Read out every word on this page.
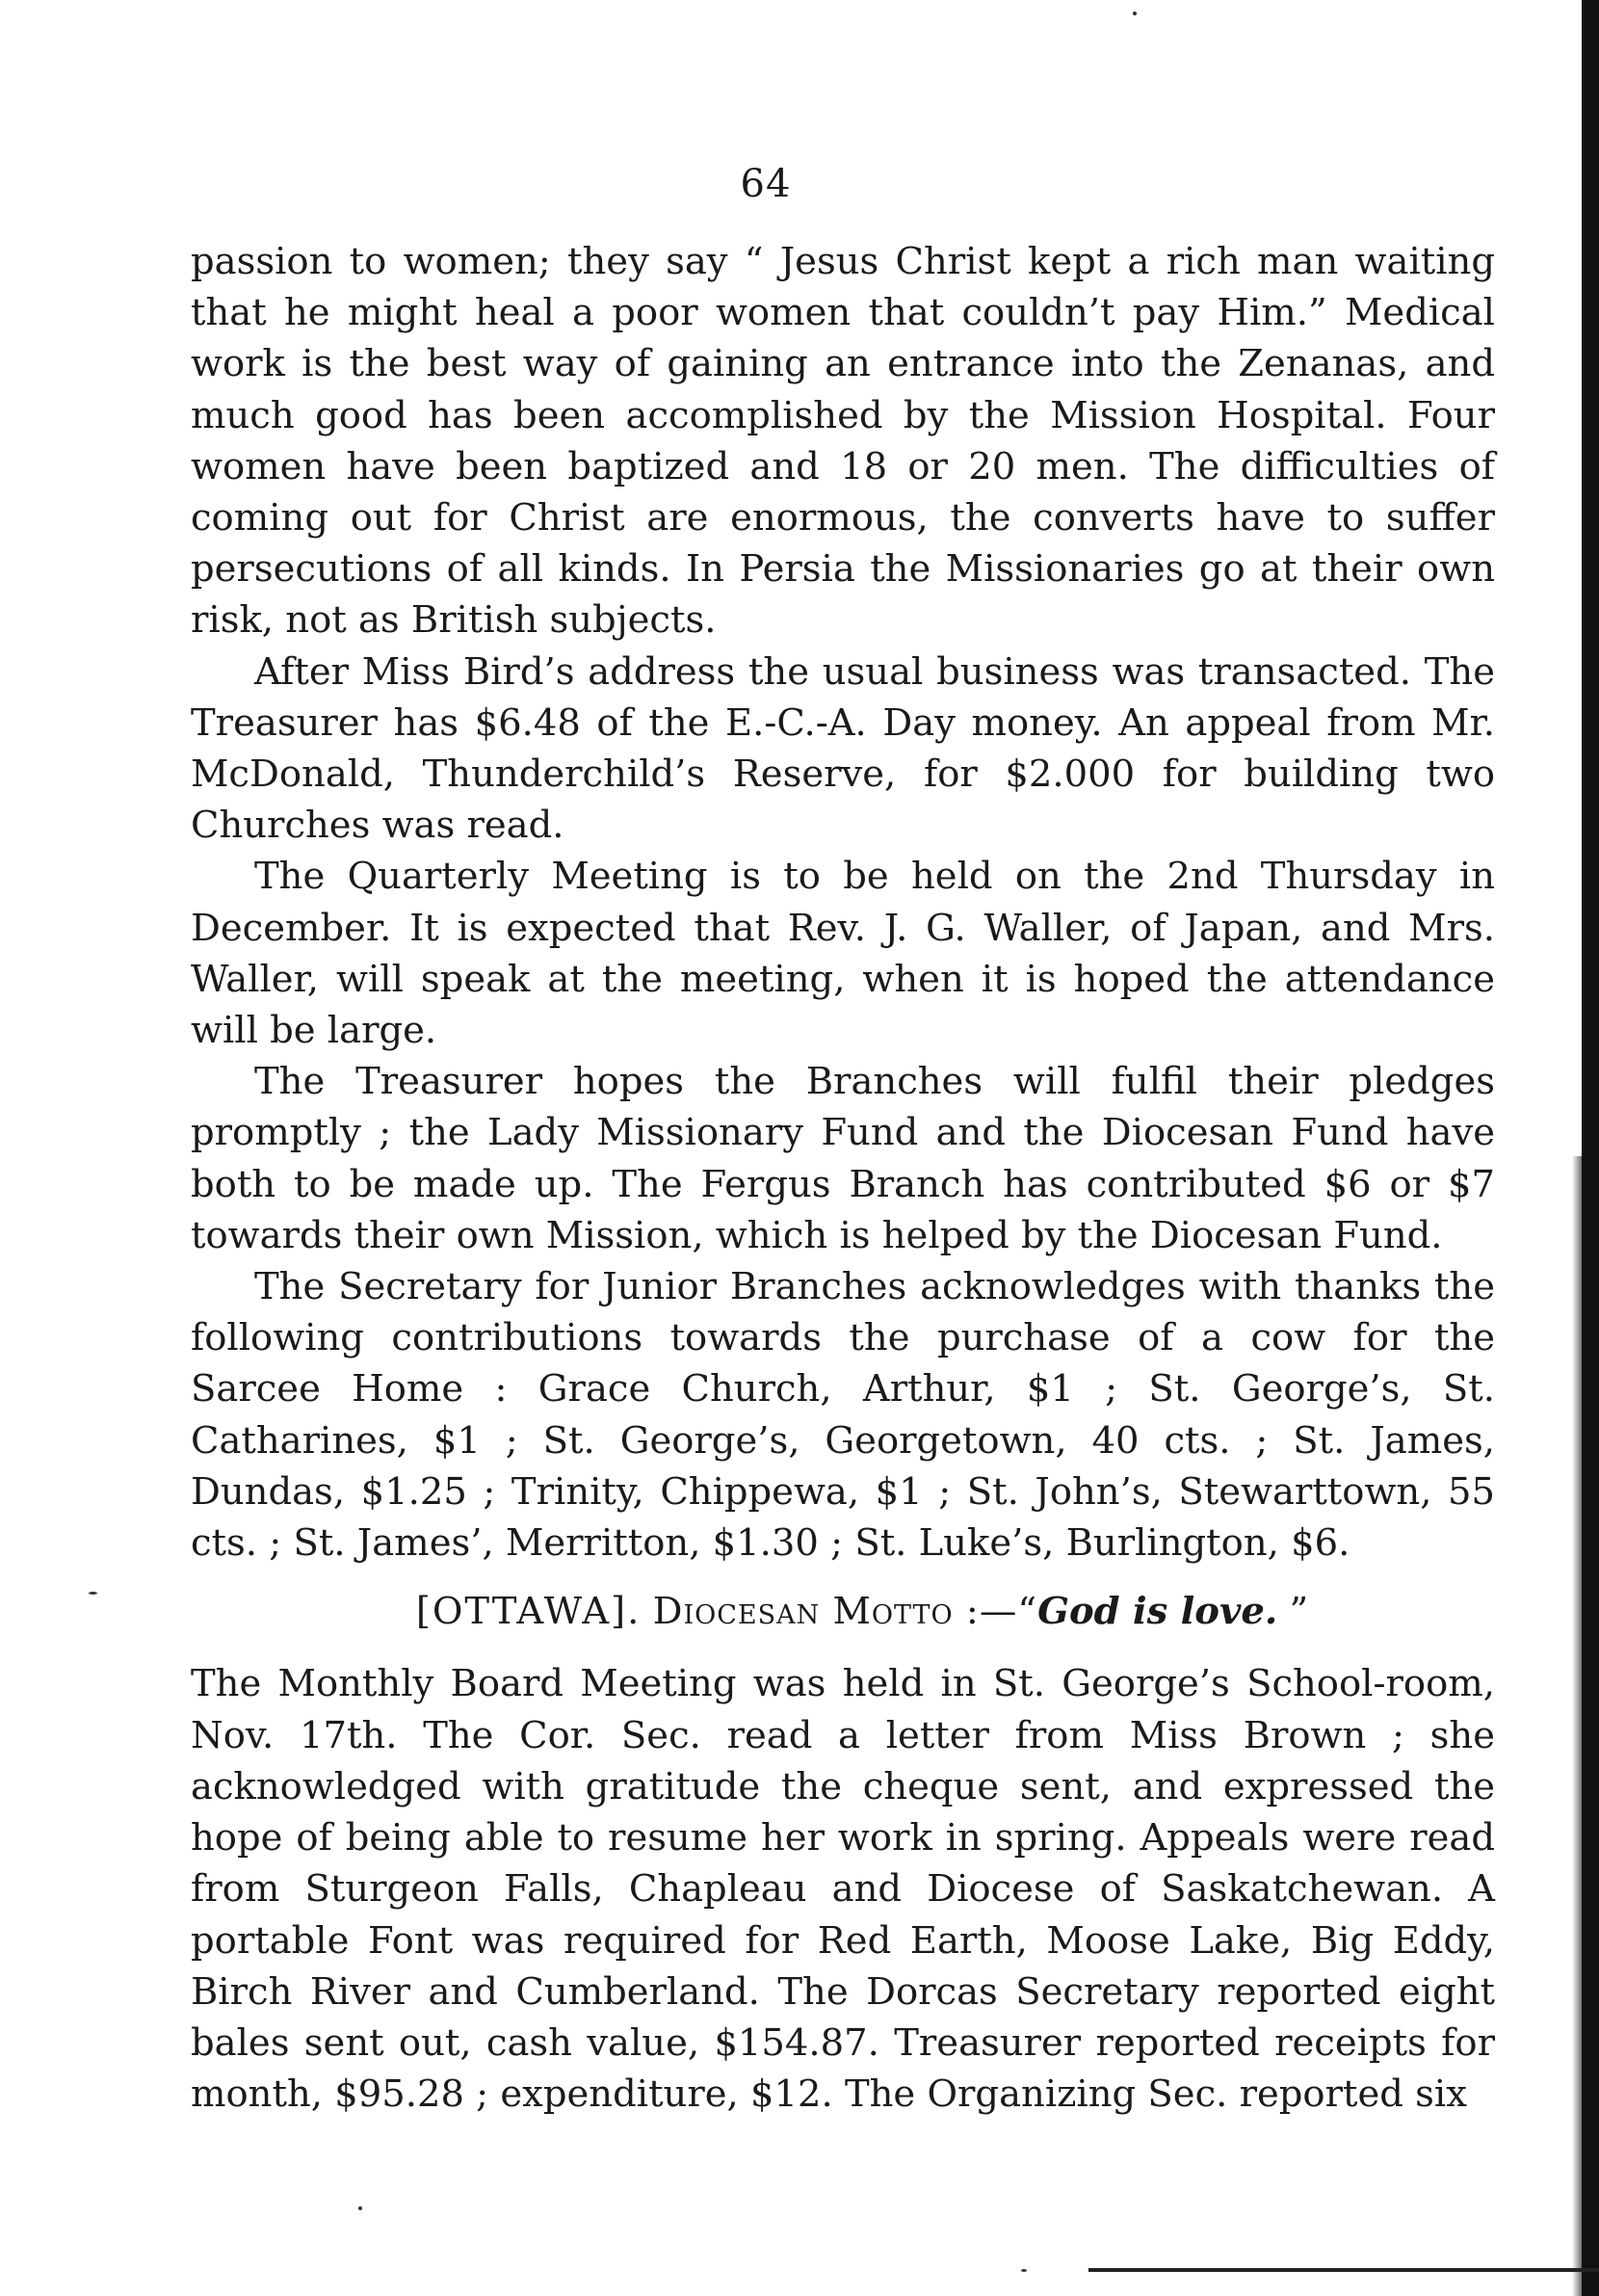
64

passion to women; they say “ Jesus Christ kept a rich man waiting that he might heal a poor women that couldn’t pay Him.” Medical work is the best way of gaining an entrance into the Zenanas, and much good has been accomplished by the Mission Hospital. Four women have been baptized and 18 or 20 men. The difficulties of coming out for Christ are enormous, the converts have to suffer persecutions of all kinds. In Persia the Missionaries go at their own risk, not as British subjects.

After Miss Bird’s address the usual business was transacted. The Treasurer has $6.48 of the E.-C.-A. Day money. An appeal from Mr. McDonald, Thunderchild’s Reserve, for $2.000 for building two Churches was read.

The Quarterly Meeting is to be held on the 2nd Thursday in December. It is expected that Rev. J. G. Waller, of Japan, and Mrs. Waller, will speak at the meeting, when it is hoped the attendance will be large.

The Treasurer hopes the Branches will fulfil their pledges promptly ; the Lady Missionary Fund and the Diocesan Fund have both to be made up. The Fergus Branch has contributed $6 or $7 towards their own Mission, which is helped by the Diocesan Fund.

The Secretary for Junior Branches acknowledges with thanks the following contributions towards the purchase of a cow for the Sarcee Home : Grace Church, Arthur, $1 ; St. George’s, St. Catharines, $1 ; St. George’s, Georgetown, 40 cts. ; St. James, Dundas, $1.25 ; Trinity, Chippewa, $1 ; St. John’s, Stewarttown, 55 cts. ; St. James’, Merritton, $1.30 ; St. Luke’s, Burlington, $6.

[OTTAWA]. Diocesan Motto :—“God is love. ”

The Monthly Board Meeting was held in St. George’s School-room, Nov. 17th. The Cor. Sec. read a letter from Miss Brown ; she acknowledged with gratitude the cheque sent, and expressed the hope of being able to resume her work in spring. Appeals were read from Sturgeon Falls, Chapleau and Diocese of Saskatchewan. A portable Font was required for Red Earth, Moose Lake, Big Eddy, Birch River and Cumberland. The Dorcas Secretary reported eight bales sent out, cash value, $154.87. Treasurer reported receipts for month, $95.28 ; expenditure, $12. The Organizing Sec. reported six
